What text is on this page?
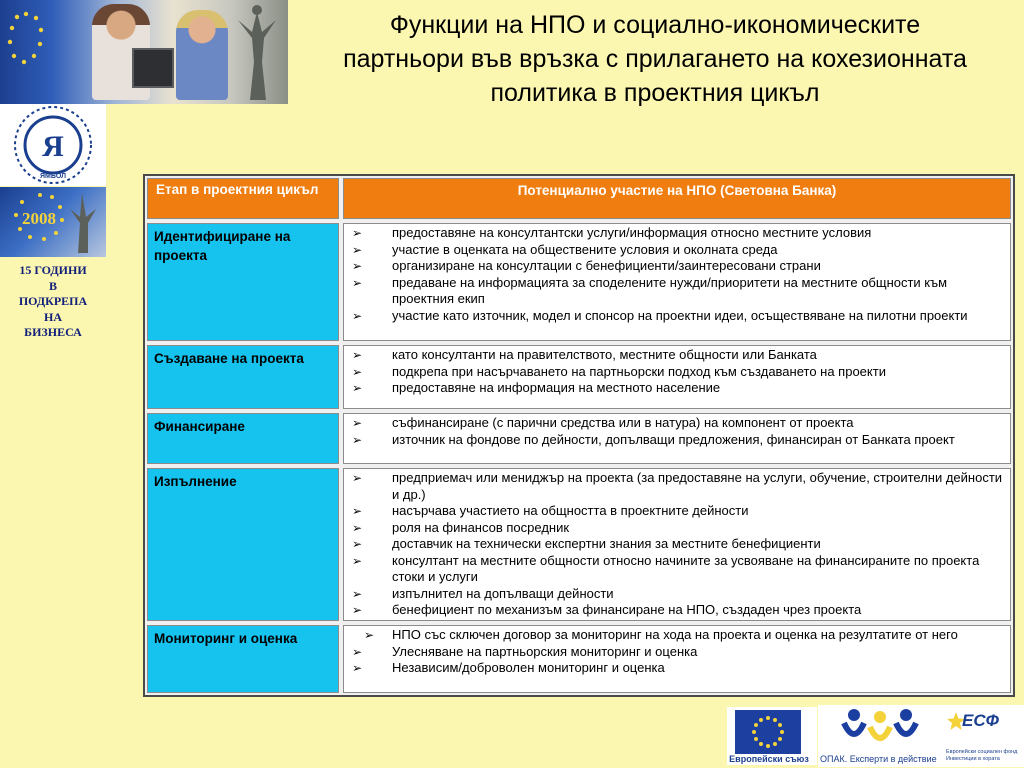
Я
ЯМБОЛ
2008
15 ГОДИНИ
В
ПОДКРЕПА
НА
БИЗНЕСА
Функции на НПО и социално-икономическите
партньори във връзка с прилагането на кохезионната
политика в проектния цикъл
Етап в проектния цикъл	Потенциално участие на НПО (Световна Банка)
Идентифициране на проекта
➢ предоставяне на консултантски услуги/информация относно местните условия
➢ участие в оценката на обществените условия и околната среда
➢ организиране на консултации с бенефициенти/заинтересовани страни
➢ предаване на информацията за споделените нужди/приоритети на местните общности към проектния екип
➢ участие като източник, модел и спонсор на проектни идеи, осъществяване на пилотни проекти
Създаване на проекта	➢ като консултанти на правителството, местните общности или Банката
➢ подкрепа при насърчаването на партньорски подход към създаването на проекти
➢ предоставяне на информация на местното население
Финансиране	➢ съфинансиране (с парични средства или в натура) на компонент от проекта
➢ източник на фондове по дейности, допълващи предложения, финансиран от Банката проект
Изпълнение	➢ предприемач или мениджър на проекта (за предоставяне на услуги, обучение, строителни дейности и др.)
➢ насърчава участието на общността в проектните дейности
➢ роля на финансов посредник
➢ доставчик на технически експертни знания за местните бенефициенти
➢ консултант на местните общности относно начините за усвояване на финансираните по проекта стоки и услуги
➢ изпълнител на допълващи дейности
➢ бенефициент по механизъм за финансиране на НПО, създаден чрез проекта
Мониторинг и оценка	➢ НПО със сключен договор за мониторинг на хода на проекта и оценка на резултатите от него
➢ Улесняване на партньорския мониторинг и оценка
➢ Независим/доброволен мониторинг и оценка
Европейски съюз	ОПАК. Експерти в действие
ЕСФ
Европейски социален фонд
Инвестиции в хората
